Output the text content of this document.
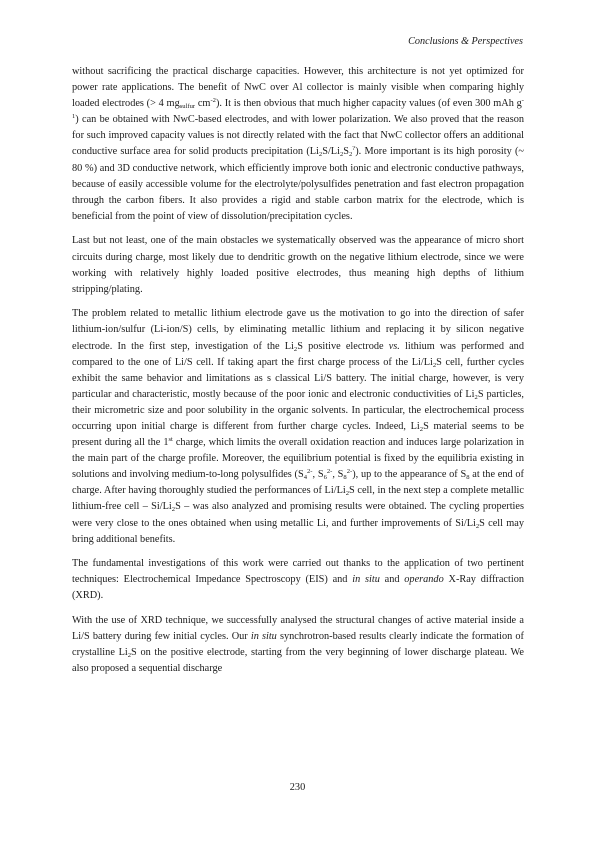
Conclusions & Perspectives

without sacrificing the practical discharge capacities. However, this architecture is not yet optimized for power rate applications. The benefit of NwC over Al collector is mainly visible when comparing highly loaded electrodes (> 4 $mg_{sulfur}$ $cm^{-2}$). It is then obvious that much higher capacity values (of even 300 mAh $g^{-1}$) can be obtained with NwC-based electrodes, and with lower polarization. We also proved that the reason for such improved capacity values is not directly related with the fact that NwC collector offers an additional conductive surface area for solid products precipitation $(Li_2S/Li_2S_2^?)$. More important is its high porosity (~ 80 %) and 3D conductive network, which efficiently improve both ionic and electronic conductive pathways, because of easily accessible volume for the electrolyte/polysulfides penetration and fast electron propagation through the carbon fibers. It also provides a rigid and stable carbon matrix for the electrode, which is beneficial from the point of view of dissolution/precipitation cycles.

Last but not least, one of the main obstacles we systematically observed was the appearance of micro short circuits during charge, most likely due to dendritic growth on the negative lithium electrode, since we were working with relatively highly loaded positive electrodes, thus meaning high depths of lithium stripping/plating.

The problem related to metallic lithium electrode gave us the motivation to go into the direction of safer lithium-ion/sulfur (Li-ion/S) cells, by eliminating metallic lithium and replacing it by silicon negative electrode. In the first step, investigation of the $Li_2S$ positive electrode vs. lithium was performed and compared to the one of Li/S cell. If taking apart the first charge process of the $Li/Li_2S$ cell, further cycles exhibit the same behavior and limitations as s classical Li/S battery. The initial charge, however, is very particular and characteristic, mostly because of the poor ionic and electronic conductivities of $Li_2S$ particles, their micrometric size and poor solubility in the organic solvents. In particular, the electrochemical process occurring upon initial charge is different from further charge cycles. Indeed, $Li_2S$ material seems to be present during all the 1st charge, which limits the overall oxidation reaction and induces large polarization in the main part of the charge profile. Moreover, the equilibrium potential is fixed by the equilibria existing in solutions and involving medium-to-long polysulfides ($S_4^{2-}$, $S_6^{2-}$, $S_8^{2-}$), up to the appearance of $S_8$ at the end of charge. After having thoroughly studied the performances of $Li/Li_2S$ cell, in the next step a complete metallic lithium-free cell – $Si/Li_2S$ – was also analyzed and promising results were obtained. The cycling properties were very close to the ones obtained when using metallic Li, and further improvements of $Si/Li_2S$ cell may bring additional benefits.

The fundamental investigations of this work were carried out thanks to the application of two pertinent techniques: Electrochemical Impedance Spectroscopy (EIS) and in situ and operando X-Ray diffraction (XRD).

With the use of XRD technique, we successfully analysed the structural changes of active material inside a Li/S battery during few initial cycles. Our in situ synchrotron-based results clearly indicate the formation of crystalline $Li_2S$ on the positive electrode, starting from the very beginning of lower discharge plateau. We also proposed a sequential discharge

230
